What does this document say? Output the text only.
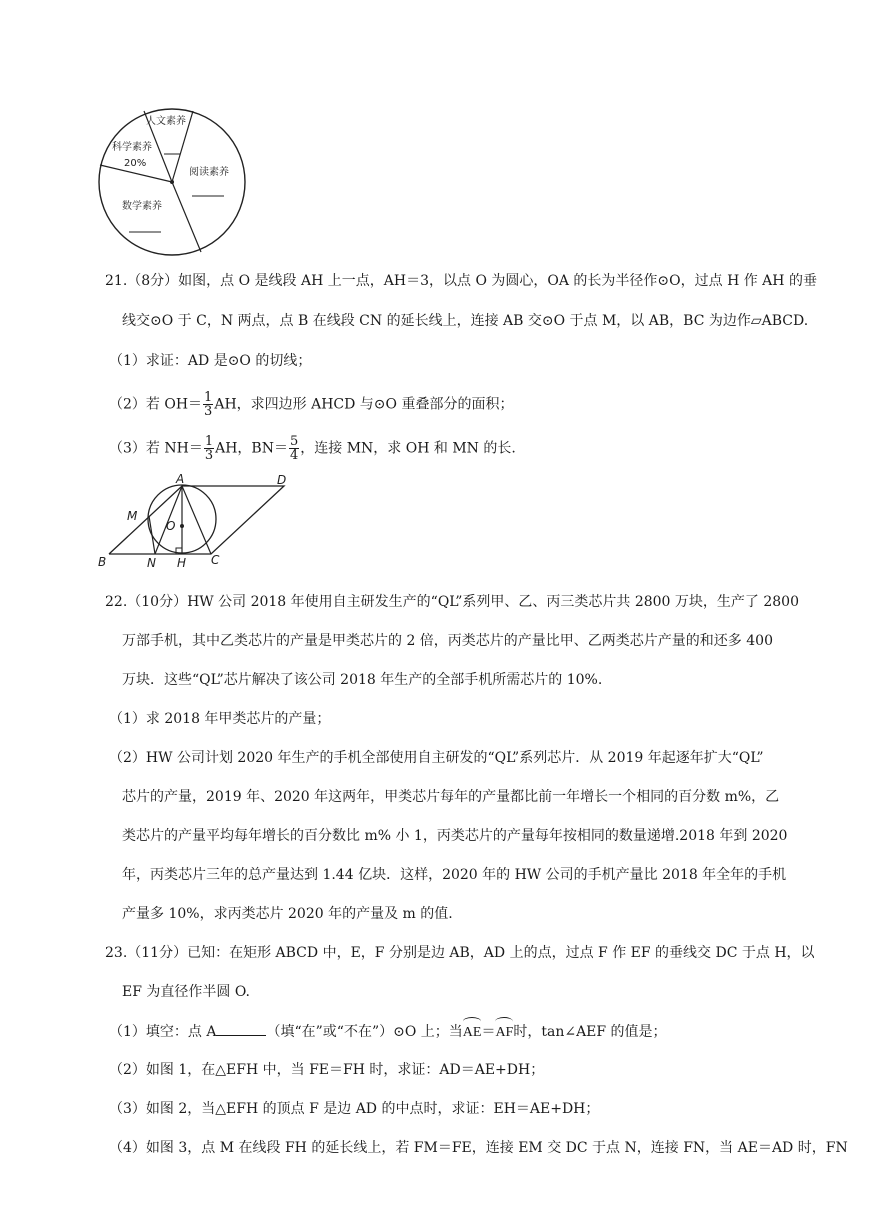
人文素养
科学素养
20%
阅读素养
数学素养
21.（8分）如图，点 O 是线段 AH 上一点，AH＝3，以点 O 为圆心，OA 的长为半径作⊙O，过点 H 作 AH 的垂
线交⊙O 于 C，N 两点，点 B 在线段 CN 的延长线上，连接 AB 交⊙O 于点 M，以 AB，BC 为边作▱ABCD.
（1）求证：AD 是⊙O 的切线；
（2）若 $OH= \frac{1}{3}$ AH，求四边形 AHCD 与⊙O 重叠部分的面积；
（3）若 $NH= \frac{1}{3}$ AH，$BN= \frac{5}{4}$ ，连接 MN，求 OH 和 MN 的长.
A	D
M
O
B	N H C
22.（10分）HW 公司 2018 年使用自主研发生产的“QL”系列甲、乙、丙三类芯片共 2800 万块，生产了 2800
万部手机，其中乙类芯片的产量是甲类芯片的 2 倍，丙类芯片的产量比甲、乙两类芯片产量的和还多 400
万块．这些“QL”芯片解决了该公司 2018 年生产的全部手机所需芯片的 10%.
（1）求 2018 年甲类芯片的产量；
（2）HW 公司计划 2020 年生产的手机全部使用自主研发的“QL”系列芯片．从 2019 年起逐年扩大“QL”
芯片的产量，2019 年、2020 年这两年，甲类芯片每年的产量都比前一年增长一个相同的百分数 m%，乙
类芯片的产量平均每年增长的百分数比 m% 小 1，丙类芯片的产量每年按相同的数量递增.2018 年到 2020
年，丙类芯片三年的总产量达到 1.44 亿块．这样，2020 年的 HW 公司的手机产量比 2018 年全年的手机
产量多 10%，求丙类芯片 2020 年的产量及 m 的值.
23.（11分）已知：在矩形 ABCD 中，E，F 分别是边 AB，AD 上的点，过点 F 作 EF 的垂线交 DC 于点 H，以
EF 为直径作半圆 O.
（1）填空：点 A	（填“在”或“不在”）⊙O 上；当AE＝AF时，tan∠AEF 的值是；
（2）如图 1，在△EFH 中，当 FE＝FH 时，求证：AD＝AE+DH；
（3）如图 2，当△EFH 的顶点 F 是边 AD 的中点时，求证：EH＝AE+DH；
（4）如图 3，点 M 在线段 FH 的延长线上，若 FM＝FE，连接 EM 交 DC 于点 N，连接 FN，当 AE＝AD 时，FN
